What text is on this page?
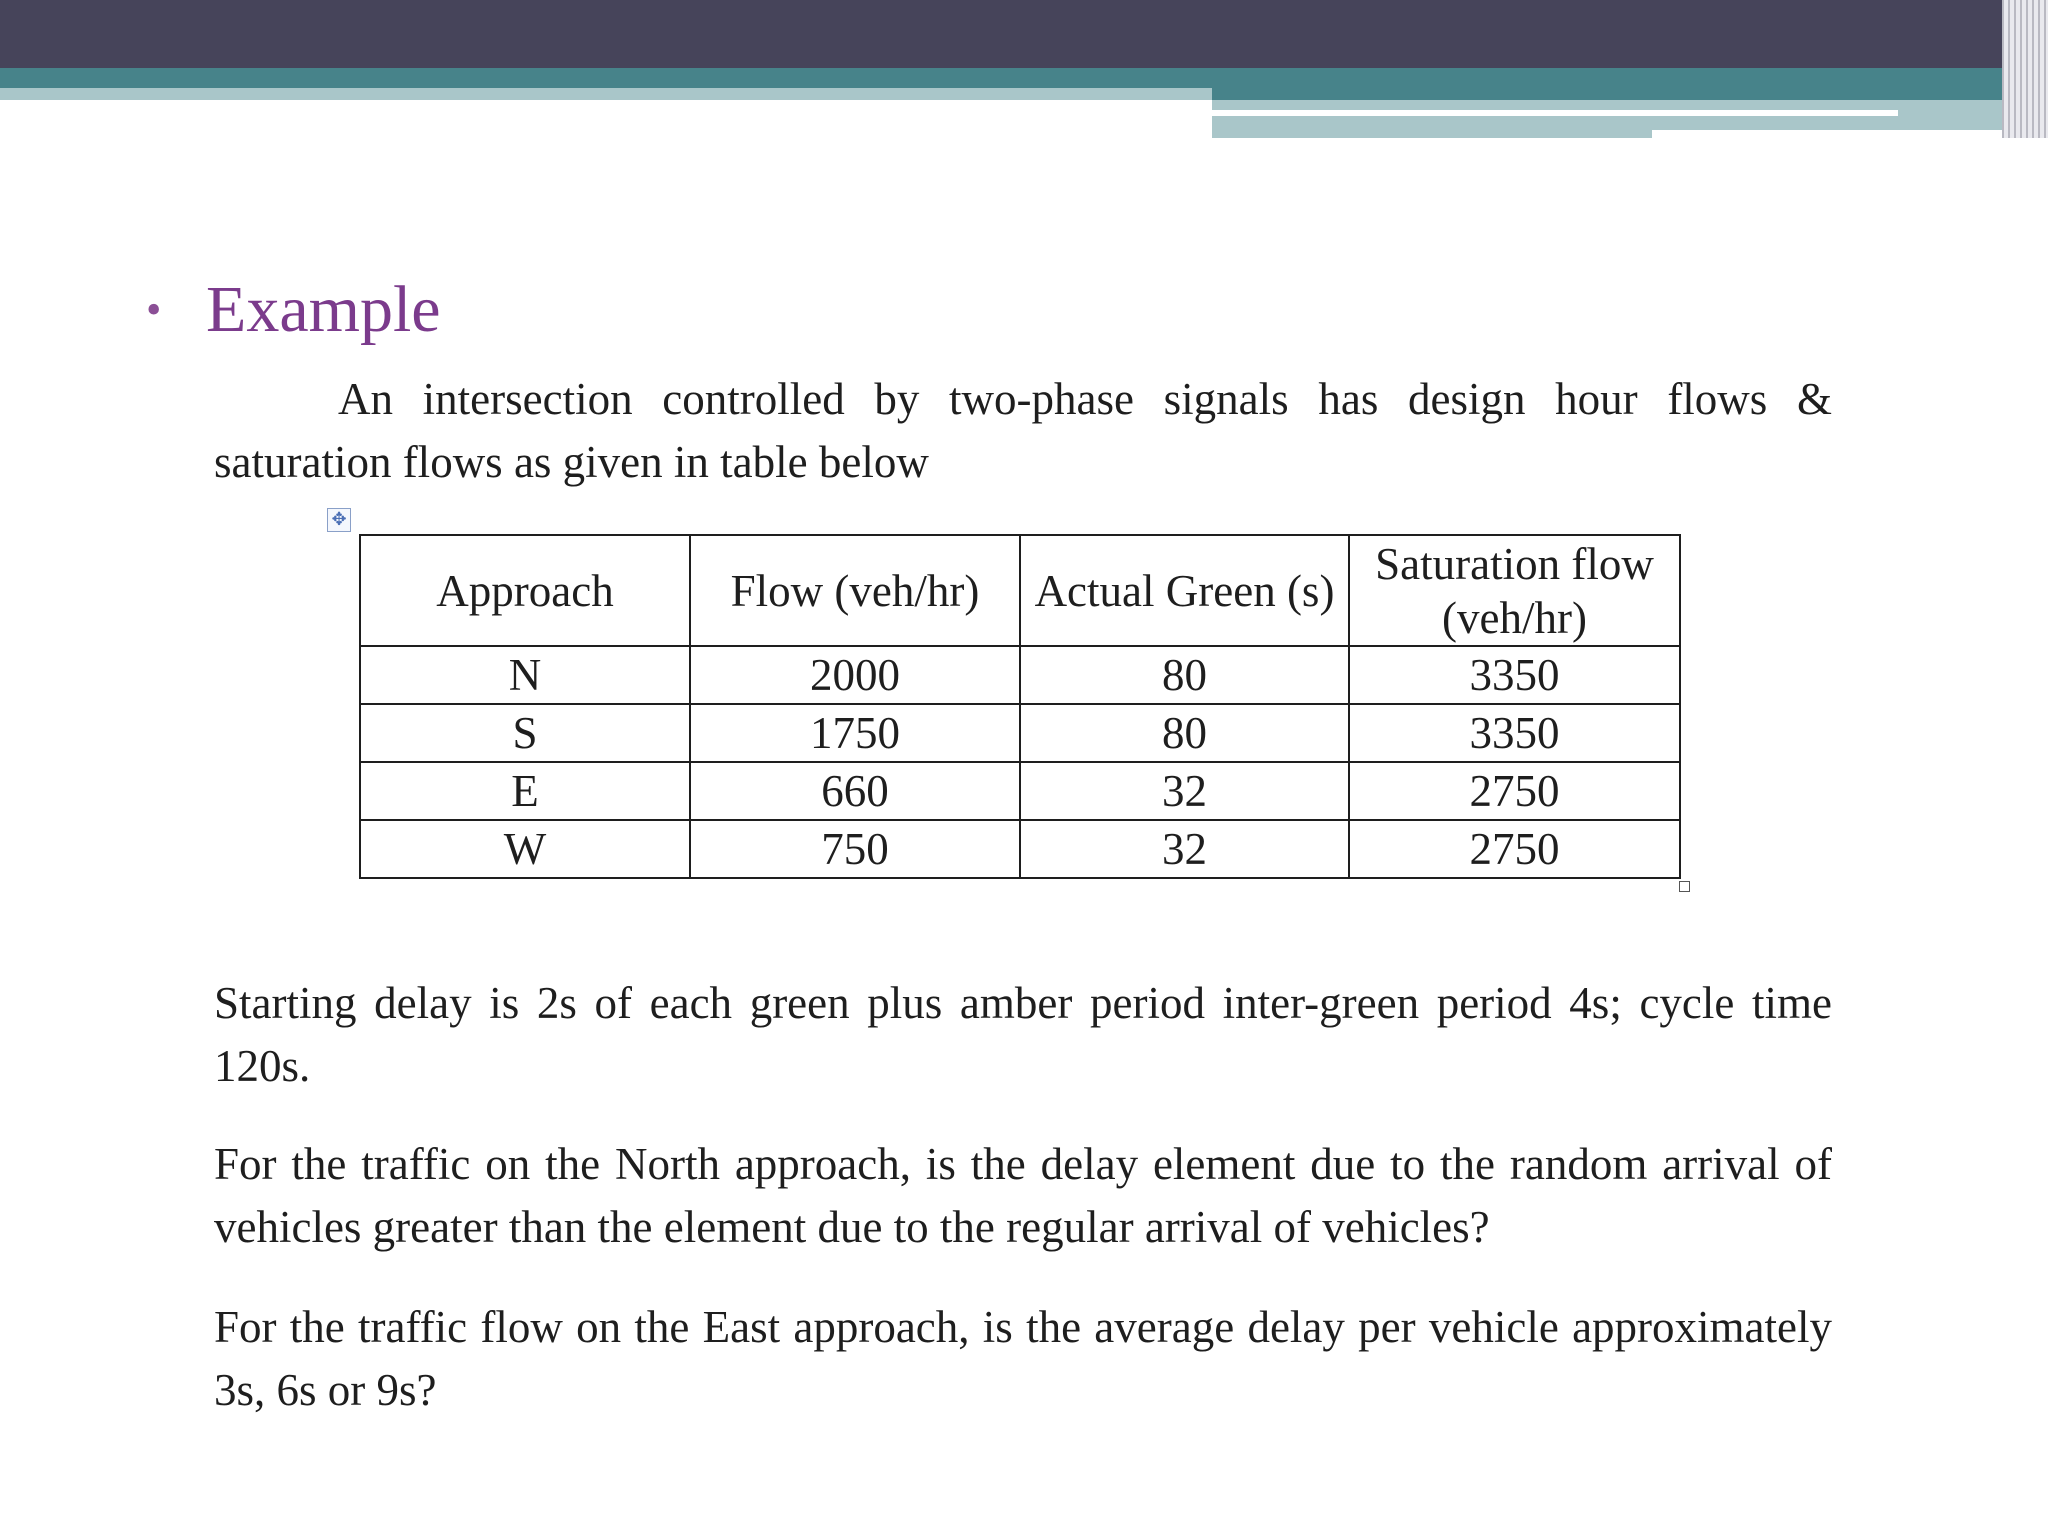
• Example

An intersection controlled by two-phase signals has design hour flows & saturation flows as given in table below

✥
Approach	Flow (veh/hr)	Actual Green (s)	Saturation flow (veh/hr)
N	2000	80	3350
S	1750	80	3350
E	660	32	2750
W	750	32	2750

Starting delay is 2s of each green plus amber period inter-green period 4s; cycle time 120s.

For the traffic on the North approach, is the delay element due to the random arrival of vehicles greater than the element due to the regular arrival of vehicles?

For the traffic flow on the East approach, is the average delay per vehicle approximately 3s, 6s or 9s?
